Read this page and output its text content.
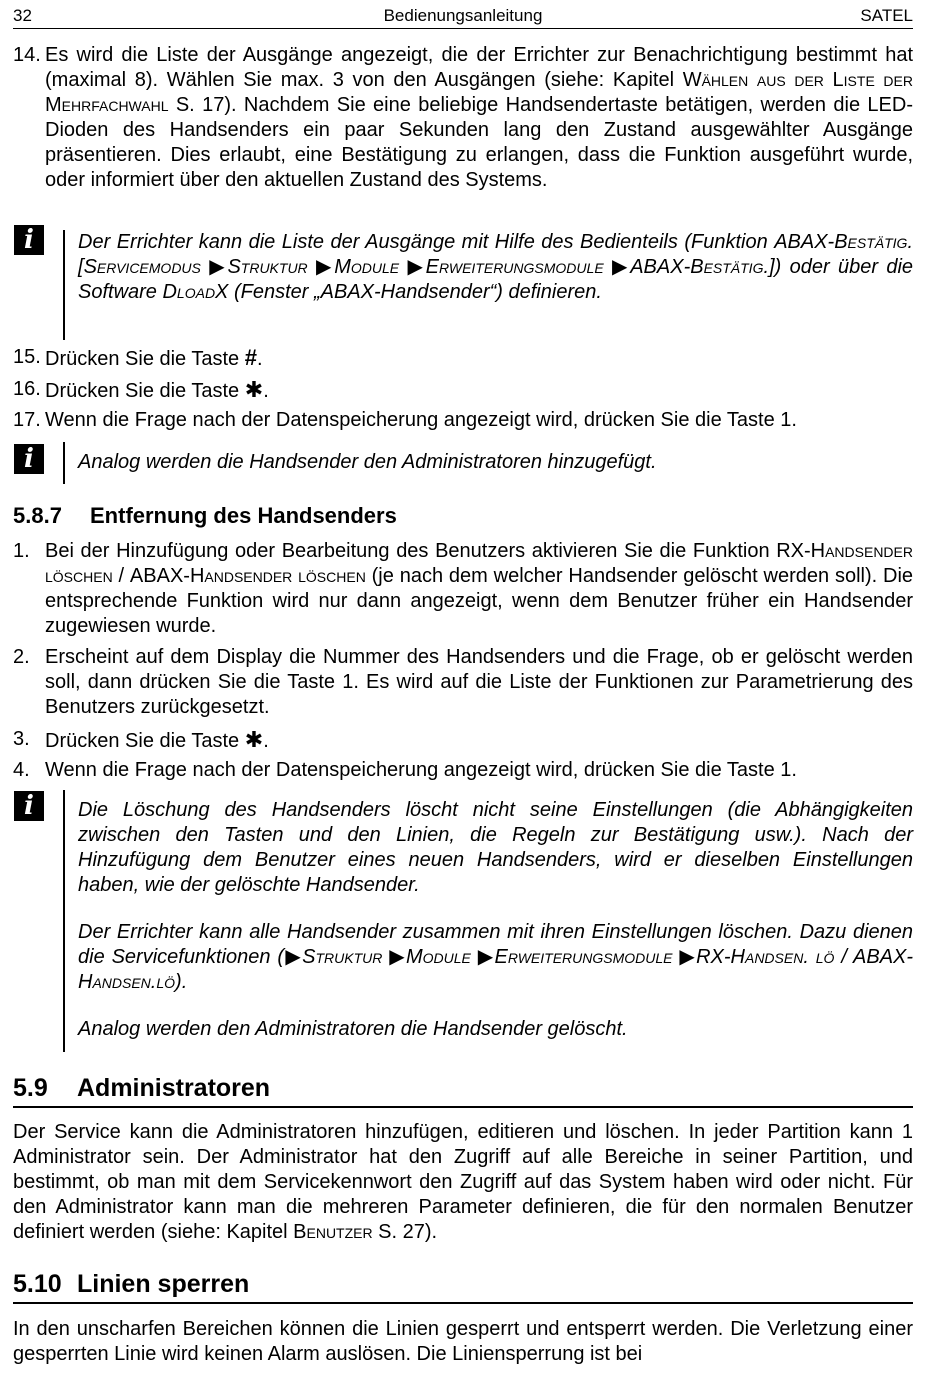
32	Bedienungsanleitung	SATEL
14. Es wird die Liste der Ausgänge angezeigt, die der Errichter zur Benachrichtigung bestimmt hat (maximal 8). Wählen Sie max. 3 von den Ausgängen (siehe: Kapitel Wählen aus der Liste der Mehrfachwahl S. 17). Nachdem Sie eine beliebige Handsendertaste betätigen, werden die LED-Dioden des Handsenders ein paar Sekunden lang den Zustand ausgewählter Ausgänge präsentieren. Dies erlaubt, eine Bestätigung zu erlangen, dass die Funktion ausgeführt wurde, oder informiert über den aktuellen Zustand des Systems.
i	Der Errichter kann die Liste der Ausgänge mit Hilfe des Bedienteils (Funktion ABAX-Bestätig. [Servicemodus ▶Struktur ▶Module ▶Erweiterungsmodule ▶ABAX-Bestätig.]) oder über die Software DloadX (Fenster „ABAX-Handsender“) definieren.

15. Drücken Sie die Taste #.
16. Drücken Sie die Taste ✱.
17. Wenn die Frage nach der Datenspeicherung angezeigt wird, drücken Sie die Taste 1.
i	Analog werden die Handsender den Administratoren hinzugefügt.

5.8.7 Entfernung des Handsenders
1. Bei der Hinzufügung oder Bearbeitung des Benutzers aktivieren Sie die Funktion RX-Handsender löschen / ABAX-Handsender löschen (je nach dem welcher Handsender gelöscht werden soll). Die entsprechende Funktion wird nur dann angezeigt, wenn dem Benutzer früher ein Handsender zugewiesen wurde.
2. Erscheint auf dem Display die Nummer des Handsenders und die Frage, ob er gelöscht werden soll, dann drücken Sie die Taste 1. Es wird auf die Liste der Funktionen zur Parametrierung des Benutzers zurückgesetzt.
3. Drücken Sie die Taste ✱.
4. Wenn die Frage nach der Datenspeicherung angezeigt wird, drücken Sie die Taste 1.
i	Die Löschung des Handsenders löscht nicht seine Einstellungen (die Abhängigkeiten zwischen den Tasten und den Linien, die Regeln zur Bestätigung usw.). Nach der Hinzufügung dem Benutzer eines neuen Handsenders, wird er dieselben Einstellungen haben, wie der gelöschte Handsender.

Der Errichter kann alle Handsender zusammen mit ihren Einstellungen löschen. Dazu dienen die Servicefunktionen (▶Struktur ▶Module ▶Erweiterungsmodule ▶RX-Handsen. lö / ABAX-Handsen.lö).

Analog werden den Administratoren die Handsender gelöscht.

5.9 Administratoren

Der Service kann die Administratoren hinzufügen, editieren und löschen. In jeder Partition kann 1 Administrator sein. Der Administrator hat den Zugriff auf alle Bereiche in seiner Partition, und bestimmt, ob man mit dem Servicekennwort den Zugriff auf das System haben wird oder nicht. Für den Administrator kann man die mehreren Parameter definieren, die für den normalen Benutzer definiert werden (siehe: Kapitel Benutzer S. 27).

5.10 Linien sperren

In den unscharfen Bereichen können die Linien gesperrt und entsperrt werden. Die Verletzung einer gesperrten Linie wird keinen Alarm auslösen. Die Liniensperrung ist bei
